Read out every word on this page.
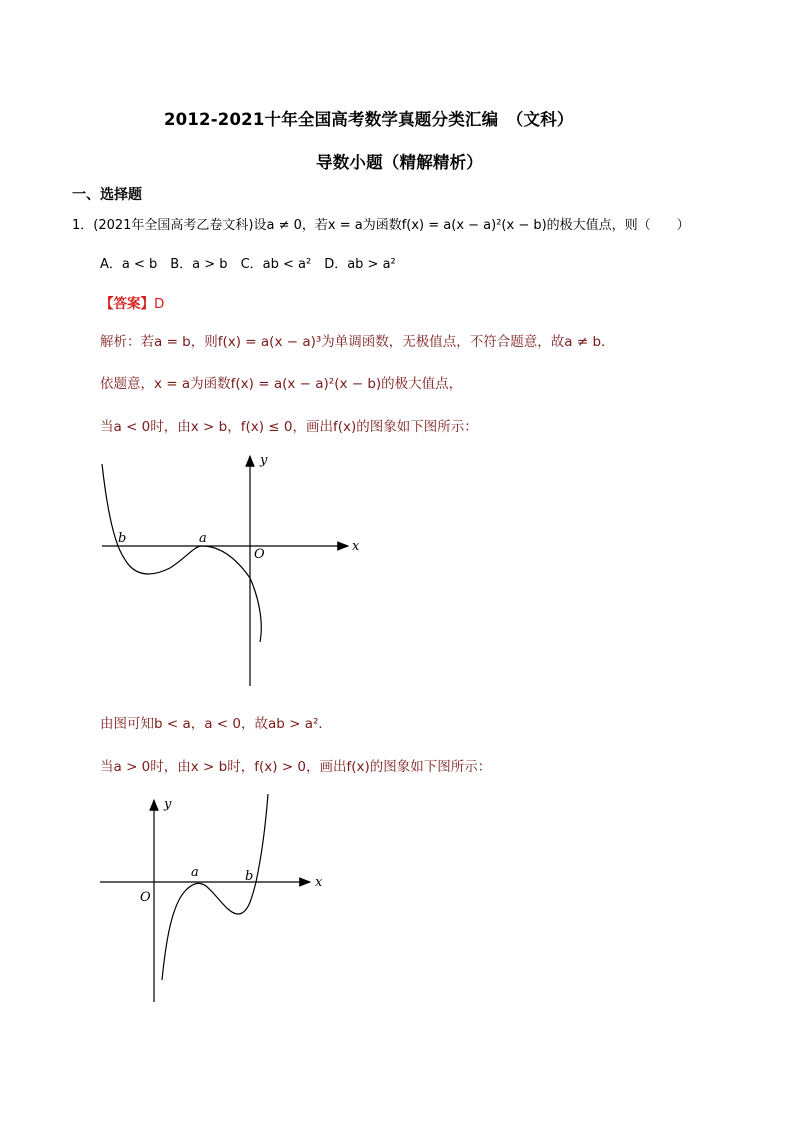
2012-2021十年全国高考数学真题分类汇编　（文科）
导数小题（精解精析）
一、选择题
1．(2021年全国高考乙卷文科)设a ≠ 0，若x = a为函数f(x) = a(x − a)²(x − b)的极大值点，则（　　）
A．a < b　B．a > b　C．ab < a²　D．ab > a²
【答案】D
解析：若a = b，则f(x) = a(x − a)³为单调函数，无极值点，不符合题意，故a ≠ b．
依题意，x = a为函数f(x) = a(x − a)²(x − b)的极大值点，
当a < 0时，由x > b，f(x) ≤ 0，画出f(x)的图象如下图所示：
b	a
O
x
y
由图可知b < a，a < 0，故ab > a²．
当a > 0时，由x > b时，f(x) > 0，画出f(x)的图象如下图所示：
a	b
O
x
y
